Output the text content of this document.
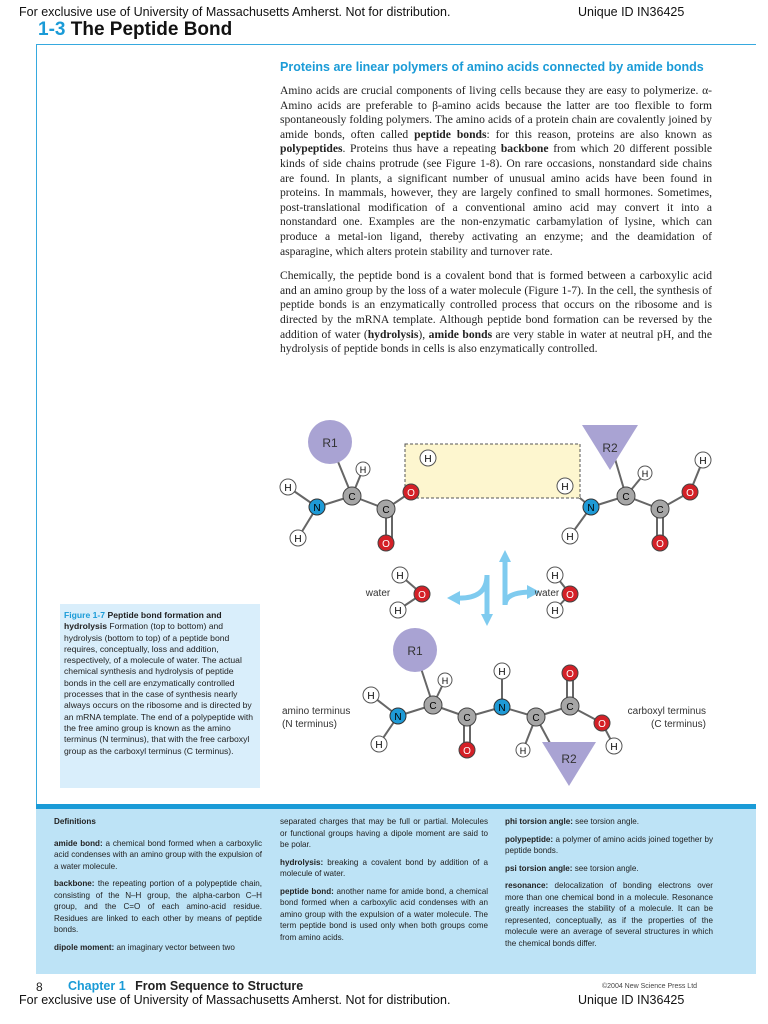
For exclusive use of University of Massachusetts Amherst. Not for distribution.	Unique ID IN36425
1-3 The Peptide Bond
Proteins are linear polymers of amino acids connected by amide bonds

Amino acids are crucial components of living cells because they are easy to polymerize. α-Amino acids are preferable to β-amino acids because the latter are too flexible to form spontaneously folding polymers. The amino acids of a protein chain are covalently joined by amide bonds, often called peptide bonds: for this reason, proteins are also known as polypeptides. Proteins thus have a repeating backbone from which 20 different possible kinds of side chains protrude (see Figure 1-8). On rare occasions, nonstandard side chains are found. In plants, a significant number of unusual amino acids have been found in proteins. In mammals, however, they are largely confined to small hormones. Sometimes, post-translational modification of a conventional amino acid may convert it into a nonstandard one. Examples are the non-enzymatic carbamylation of lysine, which can produce a metal-ion ligand, thereby activating an enzyme; and the deamidation of asparagine, which alters protein stability and turnover rate.

Chemically, the peptide bond is a covalent bond that is formed between a carboxylic acid and an amino group by the loss of a water molecule (Figure 1-7). In the cell, the synthesis of peptide bonds is an enzymatically controlled process that occurs on the ribosome and is directed by the mRNA template. Although peptide bond formation can be reversed by the addition of water (hydrolysis), amide bonds are very stable in water at neutral pH, and the hydrolysis of peptide bonds in cells is also enzymatically controlled.

R1	R2
H
H
N
H
C
C
O
O
H
H
H
N
H
C
C
O
O
H
water	water
H
H
O
H
H
O
R1
R2
H
H
N
H
C
C
O
H
N
H
C
C
O
O
H
amino terminus
(N terminus)
carboxyl terminus
(C terminus)
Figure 1-7 Peptide bond formation and hydrolysis Formation (top to bottom) and hydrolysis (bottom to top) of a peptide bond requires, conceptually, loss and addition, respectively, of a molecule of water. The actual chemical synthesis and hydrolysis of peptide bonds in the cell are enzymatically controlled processes that in the case of synthesis nearly always occurs on the ribosome and is directed by an mRNA template. The end of a polypeptide with the free amino group is known as the amino terminus (N terminus), that with the free carboxyl group as the carboxyl terminus (C terminus).

Definitions

amide bond: a chemical bond formed when a carboxylic acid condenses with an amino group with the expulsion of a water molecule.

backbone: the repeating portion of a polypeptide chain, consisting of the N–H group, the alpha-carbon C–H group, and the C=O of each amino-acid residue. Residues are linked to each other by means of peptide bonds.

dipole moment: an imaginary vector between two

separated charges that may be full or partial. Molecules or functional groups having a dipole moment are said to be polar.

hydrolysis: breaking a covalent bond by addition of a molecule of water.

peptide bond: another name for amide bond, a chemical bond formed when a carboxylic acid condenses with an amino group with the expulsion of a water molecule. The term peptide bond is used only when both groups come from amino acids.

phi torsion angle: see torsion angle.

polypeptide: a polymer of amino acids joined together by peptide bonds.

psi torsion angle: see torsion angle.

resonance: delocalization of bonding electrons over more than one chemical bond in a molecule. Resonance greatly increases the stability of a molecule. It can be represented, conceptually, as if the properties of the molecule were an average of several structures in which the chemical bonds differ.

8 Chapter 1 From Sequence to Structure	©2004 New Science Press Ltd
For exclusive use of University of Massachusetts Amherst. Not for distribution.	Unique ID IN36425
